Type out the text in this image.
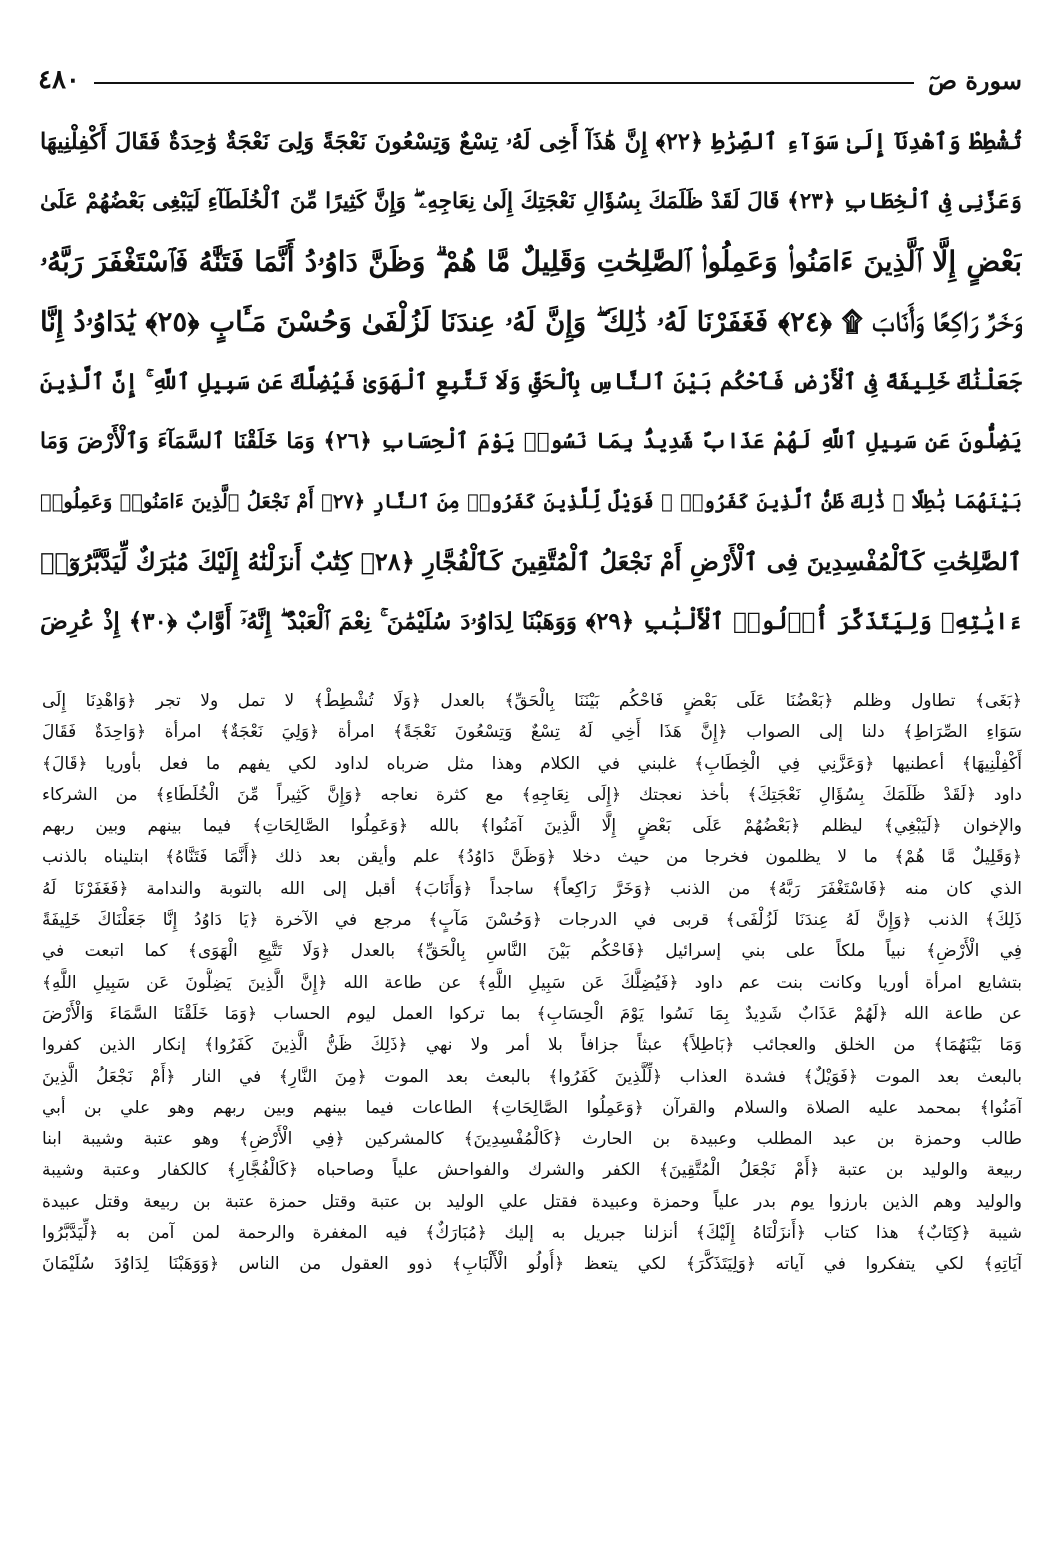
٤٨٠	سورة صٓ
تُشْطِطْ وَٱهْدِنَآ إِلَىٰ سَوَآءِ ٱلصِّرَٰطِ ﴿٢٢﴾ إِنَّ هَٰذَآ أَخِى لَهُۥ تِسْعٌ وَتِسْعُونَ نَعْجَةً وَلِىَ نَعْجَةٌ وَٰحِدَةٌ فَقَالَ أَكْفِلْنِيهَا
وَعَزَّنِى فِى ٱلْخِطَابِ ﴿٢٣﴾ قَالَ لَقَدْ ظَلَمَكَ بِسُؤَالِ نَعْجَتِكَ إِلَىٰ نِعَاجِهِۦ ۖ وَإِنَّ كَثِيرًا مِّنَ ٱلْخُلَطَآءِ لَيَبْغِى بَعْضُهُمْ عَلَىٰ
بَعْضٍ إِلَّا ٱلَّذِينَ ءَامَنُوا۟ وَعَمِلُوا۟ ٱلصَّٰلِحَٰتِ وَقَلِيلٌ مَّا هُمْ ۗ وَظَنَّ دَاوُۥدُ أَنَّمَا فَتَنَّٰهُ فَٱسْتَغْفَرَ رَبَّهُۥ
وَخَرَّ رَاكِعًا وَأَنَابَ ۩ ﴿٢٤﴾ فَغَفَرْنَا لَهُۥ ذَٰلِكَ ۖ وَإِنَّ لَهُۥ عِندَنَا لَزُلْفَىٰ وَحُسْنَ مَـَٔابٍ ﴿٢٥﴾ يَٰدَاوُۥدُ إِنَّا
جَعَلْنَٰكَ خَلِيفَةً فِى ٱلْأَرْضِ فَٱحْكُم بَيْنَ ٱلنَّاسِ بِٱلْحَقِّ وَلَا تَتَّبِعِ ٱلْهَوَىٰ فَيُضِلَّكَ عَن سَبِيلِ ٱللَّهِ ۚ إِنَّ ٱلَّذِينَ
يَضِلُّونَ عَن سَبِيلِ ٱللَّهِ لَهُمْ عَذَابٌ شَدِيدٌۢ بِمَا نَسُوا۟ يَوْمَ ٱلْحِسَابِ ﴿٢٦﴾ وَمَا خَلَقْنَا ٱلسَّمَآءَ وَٱلْأَرْضَ وَمَا
بَيْنَهُمَا بَٰطِلًا ۚ ذَٰلِكَ ظَنُّ ٱلَّذِينَ كَفَرُوا۟ ۚ فَوَيْلٌ لِّلَّذِينَ كَفَرُوا۟ مِنَ ٱلنَّارِ ﴿٢٧﴾ أَمْ نَجْعَلُ ٱلَّذِينَ ءَامَنُوا۟ وَعَمِلُوا۟
ٱلصَّٰلِحَٰتِ كَٱلْمُفْسِدِينَ فِى ٱلْأَرْضِ أَمْ نَجْعَلُ ٱلْمُتَّقِينَ كَٱلْفُجَّارِ ﴿٢٨﴾ كِتَٰبٌ أَنزَلْنَٰهُ إِلَيْكَ مُبَٰرَكٌ لِّيَدَّبَّرُوٓا۟
ءَايَٰتِهِۦ وَلِيَتَذَكَّرَ أُو۟لُوا۟ ٱلْأَلْبَٰبِ ﴿٢٩﴾ وَوَهَبْنَا لِدَاوُۥدَ سُلَيْمَٰنَ ۚ نِعْمَ ٱلْعَبْدُ ۖ إِنَّهُۥٓ أَوَّابٌ ﴿٣٠﴾ إِذْ عُرِضَ
﴿بَغَى﴾ تطاول وظلم ﴿بَعْضُنَا عَلَى بَعْضٍ فَاحْكُم بَيْنَنَا بِالْحَقِّ﴾ بالعدل ﴿وَلَا تُشْطِطْ﴾ لا تمل ولا تجر ﴿وَاهْدِنَا إِلَى
سَوَاءِ الصِّرَاطِ﴾ دلنا إلى الصواب ﴿إِنَّ هَذَا أَخِي لَهُ تِسْعٌ وَتِسْعُونَ نَعْجَةً﴾ امرأة ﴿وَلِيَ نَعْجَةٌ﴾ امرأة ﴿وَاحِدَةٌ فَقَالَ
أَكْفِلْنِيهَا﴾ أعطنيها ﴿وَعَزَّنِي فِي الْخِطَابِ﴾ غلبني في الكلام وهذا مثل ضرباه لداود لكي يفهم ما فعل بأوريا ﴿قَالَ﴾
داود ﴿لَقَدْ ظَلَمَكَ بِسُؤَالِ نَعْجَتِكَ﴾ بأخذ نعجتك ﴿إِلَى نِعَاجِهِ﴾ مع كثرة نعاجه ﴿وَإِنَّ كَثِيراً مِّنَ الْخُلَطَاءِ﴾ من الشركاء
والإخوان ﴿لَيَبْغِي﴾ ليظلم ﴿بَعْضُهُمْ عَلَى بَعْضٍ إِلَّا الَّذِينَ آمَنُوا﴾ بالله ﴿وَعَمِلُوا الصَّالِحَاتِ﴾ فيما بينهم وبين ربهم
﴿وَقَلِيلٌ مَّا هُمْ﴾ ما لا يظلمون فخرجا من حيث دخلا ﴿وَظَنَّ دَاوُدُ﴾ علم وأيقن بعد ذلك ﴿أَنَّمَا فَتَنَّاهُ﴾ ابتليناه بالذنب
الذي كان منه ﴿فَاسْتَغْفَرَ رَبَّهُ﴾ من الذنب ﴿وَخَرَّ رَاكِعاً﴾ ساجداً ﴿وَأَنَابَ﴾ أقبل إلى الله بالتوبة والندامة ﴿فَغَفَرْنَا لَهُ
ذَلِكَ﴾ الذنب ﴿وَإِنَّ لَهُ عِندَنَا لَزُلْفَى﴾ قربى في الدرجات ﴿وَحُسْنَ مَآبٍ﴾ مرجع في الآخرة ﴿يَا دَاوُدُ إِنَّا جَعَلْنَاكَ خَلِيفَةً
فِي الْأَرْضِ﴾ نبياً ملكاً على بني إسرائيل ﴿فَاحْكُم بَيْنَ النَّاسِ بِالْحَقِّ﴾ بالعدل ﴿وَلَا تَتَّبِعِ الْهَوَى﴾ كما اتبعت في
بتشايع امرأة أوريا وكانت بنت عم داود ﴿فَيُضِلَّكَ عَن سَبِيلِ اللَّهِ﴾ عن طاعة الله ﴿إِنَّ الَّذِينَ يَضِلُّونَ عَن سَبِيلِ اللَّهِ﴾
عن طاعة الله ﴿لَهُمْ عَذَابٌ شَدِيدٌ بِمَا نَسُوا يَوْمَ الْحِسَابِ﴾ بما تركوا العمل ليوم الحساب ﴿وَمَا خَلَقْنَا السَّمَاءَ وَالْأَرْضَ
وَمَا بَيْنَهُمَا﴾ من الخلق والعجائب ﴿بَاطِلاً﴾ عبثاً جزافاً بلا أمر ولا نهي ﴿ذَلِكَ ظَنُّ الَّذِينَ كَفَرُوا﴾ إنكار الذين كفروا
بالبعث بعد الموت ﴿فَوَيْلٌ﴾ فشدة العذاب ﴿لِّلَّذِينَ كَفَرُوا﴾ بالبعث بعد الموت ﴿مِنَ النَّارِ﴾ في النار ﴿أَمْ نَجْعَلُ الَّذِينَ
آمَنُوا﴾ بمحمد عليه الصلاة والسلام والقرآن ﴿وَعَمِلُوا الصَّالِحَاتِ﴾ الطاعات فيما بينهم وبين ربهم وهو علي بن أبي
طالب وحمزة بن عبد المطلب وعبيدة بن الحارث ﴿كَالْمُفْسِدِينَ﴾ كالمشركين ﴿فِي الْأَرْضِ﴾ وهو عتبة وشيبة ابنا
ربيعة والوليد بن عتبة ﴿أَمْ نَجْعَلُ الْمُتَّقِينَ﴾ الكفر والشرك والفواحش علياً وصاحباه ﴿كَالْفُجَّارِ﴾ كالكفار وعتبة وشيبة
والوليد وهم الذين بارزوا يوم بدر علياً وحمزة وعبيدة فقتل علي الوليد بن عتبة وقتل حمزة عتبة بن ربيعة وقتل عبيدة
شيبة ﴿كِتَابٌ﴾ هذا كتاب ﴿أَنزَلْنَاهُ إِلَيْكَ﴾ أنزلنا جبريل به إليك ﴿مُبَارَكٌ﴾ فيه المغفرة والرحمة لمن آمن به ﴿لِّيَدَّبَّرُوا
آيَاتِهِ﴾ لكي يتفكروا في آياته ﴿وَلِيَتَذَكَّرَ﴾ لكي يتعظ ﴿أُولُو الْأَلْبَابِ﴾ ذوو العقول من الناس ﴿وَوَهَبْنَا لِدَاوُدَ سُلَيْمَانَ
